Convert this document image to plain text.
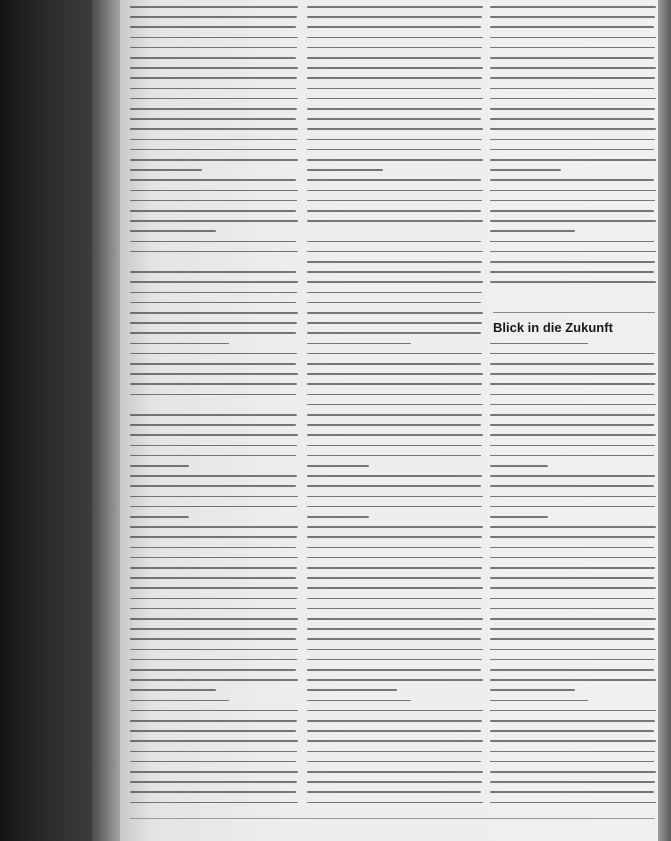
Blick in die Zukunft
